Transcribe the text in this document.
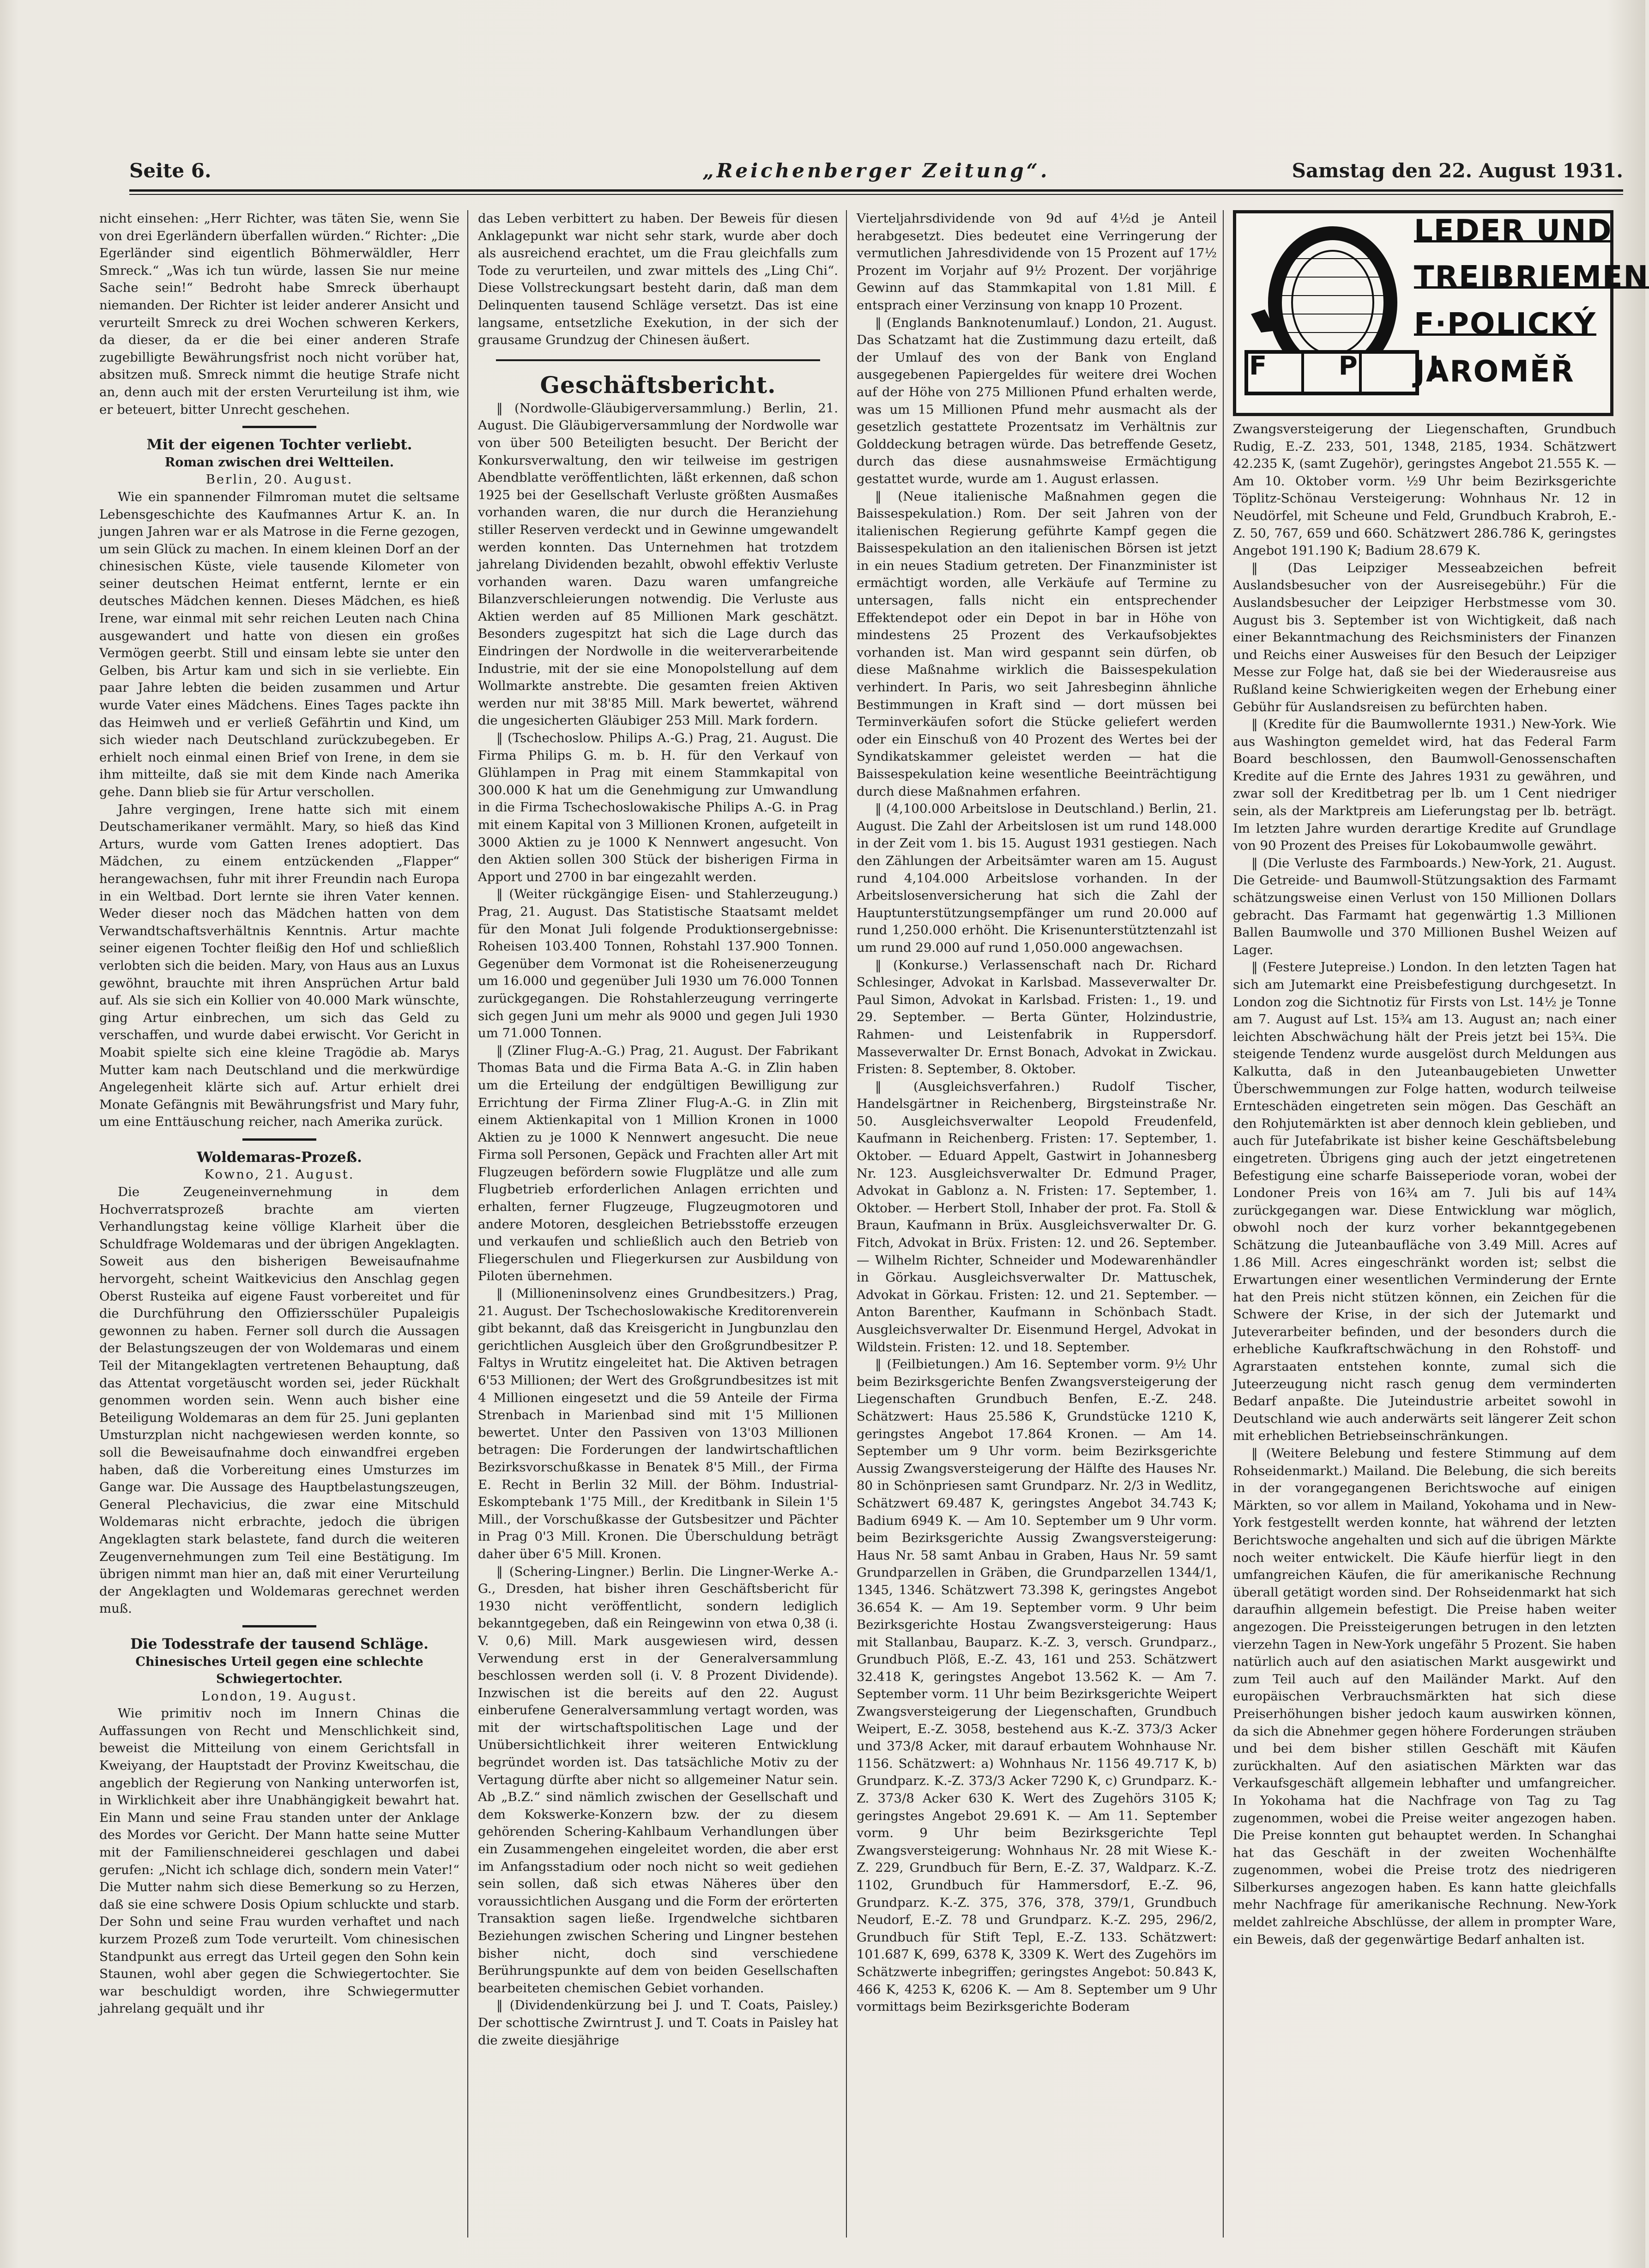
Seite 6.	„Reichenberger Zeitung“.	Samstag den 22. August 1931.

nicht einsehen: „Herr Richter, was täten Sie, wenn Sie von drei Egerländern überfallen würden.“ Richter: „Die Egerländer sind eigentlich Böhmerwäldler, Herr Smreck.“ „Was ich tun würde, lassen Sie nur meine Sache sein!“ Bedroht habe Smreck überhaupt niemanden. Der Richter ist leider anderer Ansicht und verurteilt Smreck zu drei Wochen schweren Kerkers, da dieser, da er die bei einer anderen Strafe zugebilligte Bewährungsfrist noch nicht vorüber hat, absitzen muß. Smreck nimmt die heutige Strafe nicht an, denn auch mit der ersten Verurteilung ist ihm, wie er beteuert, bitter Unrecht geschehen.

Mit der eigenen Tochter verliebt.

Roman zwischen drei Weltteilen.

Berlin, 20. August.

Wie ein spannender Filmroman mutet die seltsame Lebensgeschichte des Kaufmannes Artur K. an. In jungen Jahren war er als Matrose in die Ferne gezogen, um sein Glück zu machen. In einem kleinen Dorf an der chinesischen Küste, viele tausende Kilometer von seiner deutschen Heimat entfernt, lernte er ein deutsches Mädchen kennen. Dieses Mädchen, es hieß Irene, war einmal mit sehr reichen Leuten nach China ausgewandert und hatte von diesen ein großes Vermögen geerbt. Still und einsam lebte sie unter den Gelben, bis Artur kam und sich in sie verliebte. Ein paar Jahre lebten die beiden zusammen und Artur wurde Vater eines Mädchens. Eines Tages packte ihn das Heimweh und er verließ Gefährtin und Kind, um sich wieder nach Deutschland zurückzubegeben. Er erhielt noch einmal einen Brief von Irene, in dem sie ihm mitteilte, daß sie mit dem Kinde nach Amerika gehe. Dann blieb sie für Artur verschollen.

Jahre vergingen, Irene hatte sich mit einem Deutschamerikaner vermählt. Mary, so hieß das Kind Arturs, wurde vom Gatten Irenes adoptiert. Das Mädchen, zu einem entzückenden „Flapper“ herangewachsen, fuhr mit ihrer Freundin nach Europa in ein Weltbad. Dort lernte sie ihren Vater kennen. Weder dieser noch das Mädchen hatten von dem Verwandtschaftsverhältnis Kenntnis. Artur machte seiner eigenen Tochter fleißig den Hof und schließlich verlobten sich die beiden. Mary, von Haus aus an Luxus gewöhnt, brauchte mit ihren Ansprüchen Artur bald auf. Als sie sich ein Kollier von 40.000 Mark wünschte, ging Artur einbrechen, um sich das Geld zu verschaffen, und wurde dabei erwischt. Vor Gericht in Moabit spielte sich eine kleine Tragödie ab. Marys Mutter kam nach Deutschland und die merkwürdige Angelegenheit klärte sich auf. Artur erhielt drei Monate Gefängnis mit Bewährungsfrist und Mary fuhr, um eine Enttäuschung reicher, nach Amerika zurück.

Woldemaras-Prozeß.

Kowno, 21. August.

Die Zeugeneinvernehmung in dem Hochverratsprozeß brachte am vierten Verhandlungstag keine völlige Klarheit über die Schuldfrage Woldemaras und der übrigen Angeklagten. Soweit aus den bisherigen Beweisaufnahme hervorgeht, scheint Waitkevicius den Anschlag gegen Oberst Rusteika auf eigene Faust vorbereitet und für die Durchführung den Offiziersschüler Pupaleigis gewonnen zu haben. Ferner soll durch die Aussagen der Belastungszeugen der von Woldemaras und einem Teil der Mitangeklagten vertretenen Behauptung, daß das Attentat vorgetäuscht worden sei, jeder Rückhalt genommen worden sein. Wenn auch bisher eine Beteiligung Woldemaras an dem für 25. Juni geplanten Umsturzplan nicht nachgewiesen werden konnte, so soll die Beweisaufnahme doch einwandfrei ergeben haben, daß die Vorbereitung eines Umsturzes im Gange war. Die Aussage des Hauptbelastungszeugen, General Plechavicius, die zwar eine Mitschuld Woldemaras nicht erbrachte, jedoch die übrigen Angeklagten stark belastete, fand durch die weiteren Zeugenvernehmungen zum Teil eine Bestätigung. Im übrigen nimmt man hier an, daß mit einer Verurteilung der Angeklagten und Woldemaras gerechnet werden muß.

Die Todesstrafe der tausend Schläge.

Chinesisches Urteil gegen eine schlechte Schwiegertochter.

London, 19. August.

Wie primitiv noch im Innern Chinas die Auffassungen von Recht und Menschlichkeit sind, beweist die Mitteilung von einem Gerichtsfall in Kweiyang, der Hauptstadt der Provinz Kweitschau, die angeblich der Regierung von Nanking unterworfen ist, in Wirklichkeit aber ihre Unabhängigkeit bewahrt hat. Ein Mann und seine Frau standen unter der Anklage des Mordes vor Gericht. Der Mann hatte seine Mutter mit der Familienschneiderei geschlagen und dabei gerufen: „Nicht ich schlage dich, sondern mein Vater!“ Die Mutter nahm sich diese Bemerkung so zu Herzen, daß sie eine schwere Dosis Opium schluckte und starb. Der Sohn und seine Frau wurden verhaftet und nach kurzem Prozeß zum Tode verurteilt. Vom chinesischen Standpunkt aus erregt das Urteil gegen den Sohn kein Staunen, wohl aber gegen die Schwiegertochter. Sie war beschuldigt worden, ihre Schwiegermutter jahrelang gequält und ihr

das Leben verbittert zu haben. Der Beweis für diesen Anklagepunkt war nicht sehr stark, wurde aber doch als ausreichend erachtet, um die Frau gleichfalls zum Tode zu verurteilen, und zwar mittels des „Ling Chi“. Diese Vollstreckungsart besteht darin, daß man dem Delinquenten tausend Schläge versetzt. Das ist eine langsame, entsetzliche Exekution, in der sich der grausame Grundzug der Chinesen äußert.

Geschäftsbericht.

‖ (Nordwolle-Gläubigerversammlung.) Berlin, 21. August. Die Gläubigerversammlung der Nordwolle war von über 500 Beteiligten besucht. Der Bericht der Konkursverwaltung, den wir teilweise im gestrigen Abendblatte veröffentlichten, läßt erkennen, daß schon 1925 bei der Gesellschaft Verluste größten Ausmaßes vorhanden waren, die nur durch die Heranziehung stiller Reserven verdeckt und in Gewinne umgewandelt werden konnten. Das Unternehmen hat trotzdem jahrelang Dividenden bezahlt, obwohl effektiv Verluste vorhanden waren. Dazu waren umfangreiche Bilanzverschleierungen notwendig. Die Verluste aus Aktien werden auf 85 Millionen Mark geschätzt. Besonders zugespitzt hat sich die Lage durch das Eindringen der Nordwolle in die weiterverarbeitende Industrie, mit der sie eine Monopolstellung auf dem Wollmarkte anstrebte. Die gesamten freien Aktiven werden nur mit 38'85 Mill. Mark bewertet, während die ungesicherten Gläubiger 253 Mill. Mark fordern.

‖ (Tschechoslow. Philips A.-G.) Prag, 21. August. Die Firma Philips G. m. b. H. für den Verkauf von Glühlampen in Prag mit einem Stammkapital von 300.000 K hat um die Genehmigung zur Umwandlung in die Firma Tschechoslowakische Philips A.-G. in Prag mit einem Kapital von 3 Millionen Kronen, aufgeteilt in 3000 Aktien zu je 1000 K Nennwert angesucht. Von den Aktien sollen 300 Stück der bisherigen Firma in Apport und 2700 in bar eingezahlt werden.

‖ (Weiter rückgängige Eisen- und Stahlerzeugung.) Prag, 21. August. Das Statistische Staatsamt meldet für den Monat Juli folgende Produktionsergebnisse: Roheisen 103.400 Tonnen, Rohstahl 137.900 Tonnen. Gegenüber dem Vormonat ist die Roheisenerzeugung um 16.000 und gegenüber Juli 1930 um 76.000 Tonnen zurückgegangen. Die Rohstahlerzeugung verringerte sich gegen Juni um mehr als 9000 und gegen Juli 1930 um 71.000 Tonnen.

‖ (Zliner Flug-A.-G.) Prag, 21. August. Der Fabrikant Thomas Bata und die Firma Bata A.-G. in Zlin haben um die Erteilung der endgültigen Bewilligung zur Errichtung der Firma Zliner Flug-A.-G. in Zlin mit einem Aktienkapital von 1 Million Kronen in 1000 Aktien zu je 1000 K Nennwert angesucht. Die neue Firma soll Personen, Gepäck und Frachten aller Art mit Flugzeugen befördern sowie Flugplätze und alle zum Flugbetrieb erforderlichen Anlagen errichten und erhalten, ferner Flugzeuge, Flugzeugmotoren und andere Motoren, desgleichen Betriebsstoffe erzeugen und verkaufen und schließlich auch den Betrieb von Fliegerschulen und Fliegerkursen zur Ausbildung von Piloten übernehmen.

‖ (Millioneninsolvenz eines Grundbesitzers.) Prag, 21. August. Der Tschechoslowakische Kreditorenverein gibt bekannt, daß das Kreisgericht in Jungbunzlau den gerichtlichen Ausgleich über den Großgrundbesitzer P. Faltys in Wrutitz eingeleitet hat. Die Aktiven betragen 6'53 Millionen; der Wert des Großgrundbesitzes ist mit 4 Millionen eingesetzt und die 59 Anteile der Firma Strenbach in Marienbad sind mit 1'5 Millionen bewertet. Unter den Passiven von 13'03 Millionen betragen: Die Forderungen der landwirtschaftlichen Bezirksvorschußkasse in Benatek 8'5 Mill., der Firma E. Recht in Berlin 32 Mill. der Böhm. Industrial-Eskomptebank 1'75 Mill., der Kreditbank in Silein 1'5 Mill., der Vorschußkasse der Gutsbesitzer und Pächter in Prag 0'3 Mill. Kronen. Die Überschuldung beträgt daher über 6'5 Mill. Kronen.

‖ (Schering-Lingner.) Berlin. Die Lingner-Werke A.-G., Dresden, hat bisher ihren Geschäftsbericht für 1930 nicht veröffentlicht, sondern lediglich bekanntgegeben, daß ein Reingewinn von etwa 0,38 (i. V. 0,6) Mill. Mark ausgewiesen wird, dessen Verwendung erst in der Generalversammlung beschlossen werden soll (i. V. 8 Prozent Dividende). Inzwischen ist die bereits auf den 22. August einberufene Generalversammlung vertagt worden, was mit der wirtschaftspolitischen Lage und der Unübersichtlichkeit ihrer weiteren Entwicklung begründet worden ist. Das tatsächliche Motiv zu der Vertagung dürfte aber nicht so allgemeiner Natur sein. Ab „B.Z.“ sind nämlich zwischen der Gesellschaft und dem Kokswerke-Konzern bzw. der zu diesem gehörenden Schering-Kahlbaum Verhandlungen über ein Zusammengehen eingeleitet worden, die aber erst im Anfangsstadium oder noch nicht so weit gediehen sein sollen, daß sich etwas Näheres über den voraussichtlichen Ausgang und die Form der erörterten Transaktion sagen ließe. Irgendwelche sichtbaren Beziehungen zwischen Schering und Lingner bestehen bisher nicht, doch sind verschiedene Berührungspunkte auf dem von beiden Gesellschaften bearbeiteten chemischen Gebiet vorhanden.

‖ (Dividendenkürzung bei J. und T. Coats, Paisley.) Der schottische Zwirntrust J. und T. Coats in Paisley hat die zweite diesjährige

Vierteljahrsdividende von 9d auf 4½d je Anteil herabgesetzt. Dies bedeutet eine Verringerung der vermutlichen Jahresdividende von 15 Prozent auf 17½ Prozent im Vorjahr auf 9½ Prozent. Der vorjährige Gewinn auf das Stammkapital von 1.81 Mill. £ entsprach einer Verzinsung von knapp 10 Prozent.

‖ (Englands Banknotenumlauf.) London, 21. August. Das Schatzamt hat die Zustimmung dazu erteilt, daß der Umlauf des von der Bank von England ausgegebenen Papiergeldes für weitere drei Wochen auf der Höhe von 275 Millionen Pfund erhalten werde, was um 15 Millionen Pfund mehr ausmacht als der gesetzlich gestattete Prozentsatz im Verhältnis zur Golddeckung betragen würde. Das betreffende Gesetz, durch das diese ausnahmsweise Ermächtigung gestattet wurde, wurde am 1. August erlassen.

‖ (Neue italienische Maßnahmen gegen die Baissespekulation.) Rom. Der seit Jahren von der italienischen Regierung geführte Kampf gegen die Baissespekulation an den italienischen Börsen ist jetzt in ein neues Stadium getreten. Der Finanzminister ist ermächtigt worden, alle Verkäufe auf Termine zu untersagen, falls nicht ein entsprechender Effektendepot oder ein Depot in bar in Höhe von mindestens 25 Prozent des Verkaufsobjektes vorhanden ist. Man wird gespannt sein dürfen, ob diese Maßnahme wirklich die Baissespekulation verhindert. In Paris, wo seit Jahresbeginn ähnliche Bestimmungen in Kraft sind — dort müssen bei Terminverkäufen sofort die Stücke geliefert werden oder ein Einschuß von 40 Prozent des Wertes bei der Syndikatskammer geleistet werden — hat die Baissespekulation keine wesentliche Beeinträchtigung durch diese Maßnahmen erfahren.

‖ (4,100.000 Arbeitslose in Deutschland.) Berlin, 21. August. Die Zahl der Arbeitslosen ist um rund 148.000 in der Zeit vom 1. bis 15. August 1931 gestiegen. Nach den Zählungen der Arbeitsämter waren am 15. August rund 4,104.000 Arbeitslose vorhanden. In der Arbeitslosenversicherung hat sich die Zahl der Hauptunterstützungsempfänger um rund 20.000 auf rund 1,250.000 erhöht. Die Krisenunterstütztenzahl ist um rund 29.000 auf rund 1,050.000 angewachsen.

‖ (Konkurse.) Verlassenschaft nach Dr. Richard Schlesinger, Advokat in Karlsbad. Masseverwalter Dr. Paul Simon, Advokat in Karlsbad. Fristen: 1., 19. und 29. September. — Berta Günter, Holzindustrie, Rahmen- und Leistenfabrik in Ruppersdorf. Masseverwalter Dr. Ernst Bonach, Advokat in Zwickau. Fristen: 8. September, 8. Oktober.

‖ (Ausgleichsverfahren.) Rudolf Tischer, Handelsgärtner in Reichenberg, Birgsteinstraße Nr. 50. Ausgleichsverwalter Leopold Freudenfeld, Kaufmann in Reichenberg. Fristen: 17. September, 1. Oktober. — Eduard Appelt, Gastwirt in Johannesberg Nr. 123. Ausgleichsverwalter Dr. Edmund Prager, Advokat in Gablonz a. N. Fristen: 17. September, 1. Oktober. — Herbert Stoll, Inhaber der prot. Fa. Stoll & Braun, Kaufmann in Brüx. Ausgleichsverwalter Dr. G. Fitch, Advokat in Brüx. Fristen: 12. und 26. September. — Wilhelm Richter, Schneider und Modewarenhändler in Görkau. Ausgleichsverwalter Dr. Mattuschek, Advokat in Görkau. Fristen: 12. und 21. September. — Anton Barenther, Kaufmann in Schönbach Stadt. Ausgleichsverwalter Dr. Eisenmund Hergel, Advokat in Wildstein. Fristen: 12. und 18. September.

‖ (Feilbietungen.) Am 16. September vorm. 9½ Uhr beim Bezirksgerichte Benfen Zwangsversteigerung der Liegenschaften Grundbuch Benfen, E.-Z. 248. Schätzwert: Haus 25.586 K, Grundstücke 1210 K, geringstes Angebot 17.864 Kronen. — Am 14. September um 9 Uhr vorm. beim Bezirksgerichte Aussig Zwangsversteigerung der Hälfte des Hauses Nr. 80 in Schönpriesen samt Grundparz. Nr. 2/3 in Wedlitz, Schätzwert 69.487 K, geringstes Angebot 34.743 K; Badium 6949 K. — Am 10. September um 9 Uhr vorm. beim Bezirksgerichte Aussig Zwangsversteigerung: Haus Nr. 58 samt Anbau in Graben, Haus Nr. 59 samt Grundparzellen in Gräben, die Grundparzellen 1344/1, 1345, 1346. Schätzwert 73.398 K, geringstes Angebot 36.654 K. — Am 19. September vorm. 9 Uhr beim Bezirksgerichte Hostau Zwangsversteigerung: Haus mit Stallanbau, Bauparz. K.-Z. 3, versch. Grundparz., Grundbuch Plöß, E.-Z. 43, 161 und 253. Schätzwert 32.418 K, geringstes Angebot 13.562 K. — Am 7. September vorm. 11 Uhr beim Bezirksgerichte Weipert Zwangsversteigerung der Liegenschaften, Grundbuch Weipert, E.-Z. 3058, bestehend aus K.-Z. 373/3 Acker und 373/8 Acker, mit darauf erbautem Wohnhause Nr. 1156. Schätzwert: a) Wohnhaus Nr. 1156 49.717 K, b) Grundparz. K.-Z. 373/3 Acker 7290 K, c) Grundparz. K.-Z. 373/8 Acker 630 K. Wert des Zugehörs 3105 K; geringstes Angebot 29.691 K. — Am 11. September vorm. 9 Uhr beim Bezirksgerichte Tepl Zwangsversteigerung: Wohnhaus Nr. 28 mit Wiese K.-Z. 229, Grundbuch für Bern, E.-Z. 37, Waldparz. K.-Z. 1102, Grundbuch für Hammersdorf, E.-Z. 96, Grundparz. K.-Z. 375, 376, 378, 379/1, Grundbuch Neudorf, E.-Z. 78 und Grundparz. K.-Z. 295, 296/2, Grundbuch für Stift Tepl, E.-Z. 133. Schätzwert: 101.687 K, 699, 6378 K, 3309 K. Wert des Zugehörs im Schätzwerte inbegriffen; geringstes Angebot: 50.843 K, 466 K, 4253 K, 6206 K. — Am 8. September um 9 Uhr vormittags beim Bezirksgerichte Boderam

F P J
LEDER UND
TREIBRIEMEN
F·POLICKÝ
JAROMĚŘ

Zwangsversteigerung der Liegenschaften, Grundbuch Rudig, E.-Z. 233, 501, 1348, 2185, 1934. Schätzwert 42.235 K, (samt Zugehör), geringstes Angebot 21.555 K. — Am 10. Oktober vorm. ½9 Uhr beim Bezirksgerichte Töplitz-Schönau Versteigerung: Wohnhaus Nr. 12 in Neudörfel, mit Scheune und Feld, Grundbuch Krabroh, E.-Z. 50, 767, 659 und 660. Schätzwert 286.786 K, geringstes Angebot 191.190 K; Badium 28.679 K.

‖ (Das Leipziger Messeabzeichen befreit Auslandsbesucher von der Ausreisegebühr.) Für die Auslandsbesucher der Leipziger Herbstmesse vom 30. August bis 3. September ist von Wichtigkeit, daß nach einer Bekanntmachung des Reichsministers der Finanzen und Reichs einer Ausweises für den Besuch der Leipziger Messe zur Folge hat, daß sie bei der Wiederausreise aus Rußland keine Schwierigkeiten wegen der Erhebung einer Gebühr für Auslandsreisen zu befürchten haben.

‖ (Kredite für die Baumwollernte 1931.) New-York. Wie aus Washington gemeldet wird, hat das Federal Farm Board beschlossen, den Baumwoll-Genossenschaften Kredite auf die Ernte des Jahres 1931 zu gewähren, und zwar soll der Kreditbetrag per lb. um 1 Cent niedriger sein, als der Marktpreis am Lieferungstag per lb. beträgt. Im letzten Jahre wurden derartige Kredite auf Grundlage von 90 Prozent des Preises für Lokobaumwolle gewährt.

‖ (Die Verluste des Farmboards.) New-York, 21. August. Die Getreide- und Baumwoll-Stützungsaktion des Farmamt schätzungsweise einen Verlust von 150 Millionen Dollars gebracht. Das Farmamt hat gegenwärtig 1.3 Millionen Ballen Baumwolle und 370 Millionen Bushel Weizen auf Lager.

‖ (Festere Jutepreise.) London. In den letzten Tagen hat sich am Jutemarkt eine Preisbefestigung durchgesetzt. In London zog die Sichtnotiz für Firsts von Lst. 14½ je Tonne am 7. August auf Lst. 15¾ am 13. August an; nach einer leichten Abschwächung hält der Preis jetzt bei 15¾. Die steigende Tendenz wurde ausgelöst durch Meldungen aus Kalkutta, daß in den Juteanbaugebieten Unwetter Überschwemmungen zur Folge hatten, wodurch teilweise Ernteschäden eingetreten sein mögen. Das Geschäft an den Rohjutemärkten ist aber dennoch klein geblieben, und auch für Jutefabrikate ist bisher keine Geschäftsbelebung eingetreten. Übrigens ging auch der jetzt eingetretenen Befestigung eine scharfe Baisseperiode voran, wobei der Londoner Preis von 16¾ am 7. Juli bis auf 14¾ zurückgegangen war. Diese Entwicklung war möglich, obwohl noch der kurz vorher bekanntgegebenen Schätzung die Juteanbaufläche von 3.49 Mill. Acres auf 1.86 Mill. Acres eingeschränkt worden ist; selbst die Erwartungen einer wesentlichen Verminderung der Ernte hat den Preis nicht stützen können, ein Zeichen für die Schwere der Krise, in der sich der Jutemarkt und Juteverarbeiter befinden, und der besonders durch die erhebliche Kaufkraftschwächung in den Rohstoff- und Agrarstaaten entstehen konnte, zumal sich die Juteerzeugung nicht rasch genug dem verminderten Bedarf anpaßte. Die Juteindustrie arbeitet sowohl in Deutschland wie auch anderwärts seit längerer Zeit schon mit erheblichen Betriebseinschränkungen.

‖ (Weitere Belebung und festere Stimmung auf dem Rohseidenmarkt.) Mailand. Die Belebung, die sich bereits in der vorangegangenen Berichtswoche auf einigen Märkten, so vor allem in Mailand, Yokohama und in New-York festgestellt werden konnte, hat während der letzten Berichtswoche angehalten und sich auf die übrigen Märkte noch weiter entwickelt. Die Käufe hierfür liegt in den umfangreichen Käufen, die für amerikanische Rechnung überall getätigt worden sind. Der Rohseidenmarkt hat sich daraufhin allgemein befestigt. Die Preise haben weiter angezogen. Die Preissteigerungen betrugen in den letzten vierzehn Tagen in New-York ungefähr 5 Prozent. Sie haben natürlich auch auf den asiatischen Markt ausgewirkt und zum Teil auch auf den Mailänder Markt. Auf den europäischen Verbrauchsmärkten hat sich diese Preiserhöhungen bisher jedoch kaum auswirken können, da sich die Abnehmer gegen höhere Forderungen sträuben und bei dem bisher stillen Geschäft mit Käufen zurückhalten. Auf den asiatischen Märkten war das Verkaufsgeschäft allgemein lebhafter und umfangreicher. In Yokohama hat die Nachfrage von Tag zu Tag zugenommen, wobei die Preise weiter angezogen haben. Die Preise konnten gut behauptet werden. In Schanghai hat das Geschäft in der zweiten Wochenhälfte zugenommen, wobei die Preise trotz des niedrigeren Silberkurses angezogen haben. Es kann hatte gleichfalls mehr Nachfrage für amerikanische Rechnung. New-York meldet zahlreiche Abschlüsse, der allem in prompter Ware, ein Beweis, daß der gegenwärtige Bedarf anhalten ist.
